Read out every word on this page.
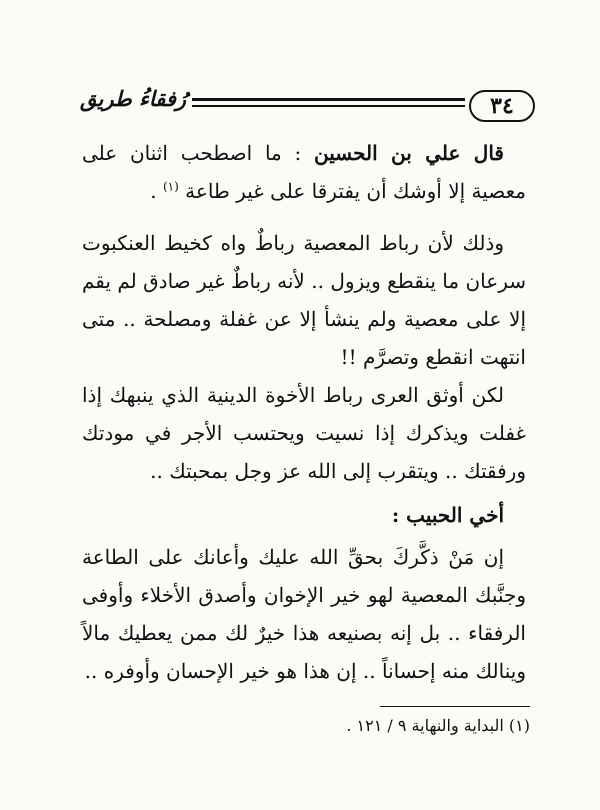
٣٤
رُفقاءُ طريق

قال علي بن الحسين : ما اصطحب اثنان على معصية إلا أوشك أن يفترقا على غير طاعة $^{(١)}$ .

وذلك لأن رباط المعصية رباطٌ واه كخيط العنكبوت سرعان ما ينقطع ويزول .. لأنه رباطٌ غير صادق لم يقم إلا على معصية ولم ينشأ إلا عن غفلة ومصلحة .. متى انتهت انقطع وتصرَّم !!

لكن أوثق العرى رباط الأخوة الدينية الذي ينبهك إذا غفلت ويذكرك إذا نسيت ويحتسب الأجر في مودتك ورفقتك .. ويتقرب إلى الله عز وجل بمحبتك ..

أخي الحبيب :

إن مَنْ ذكَّركَ بحقِّ الله عليك وأعانك على الطاعة وجنَّبك المعصية لهو خير الإخوان وأصدق الأخلاء وأوفى الرفقاء .. بل إنه بصنيعه هذا خيرٌ لك ممن يعطيك مالاً وينالك منه إحساناً .. إن هذا هو خير الإحسان وأوفره ..

(١) البداية والنهاية ٩ / ١٢١ .
